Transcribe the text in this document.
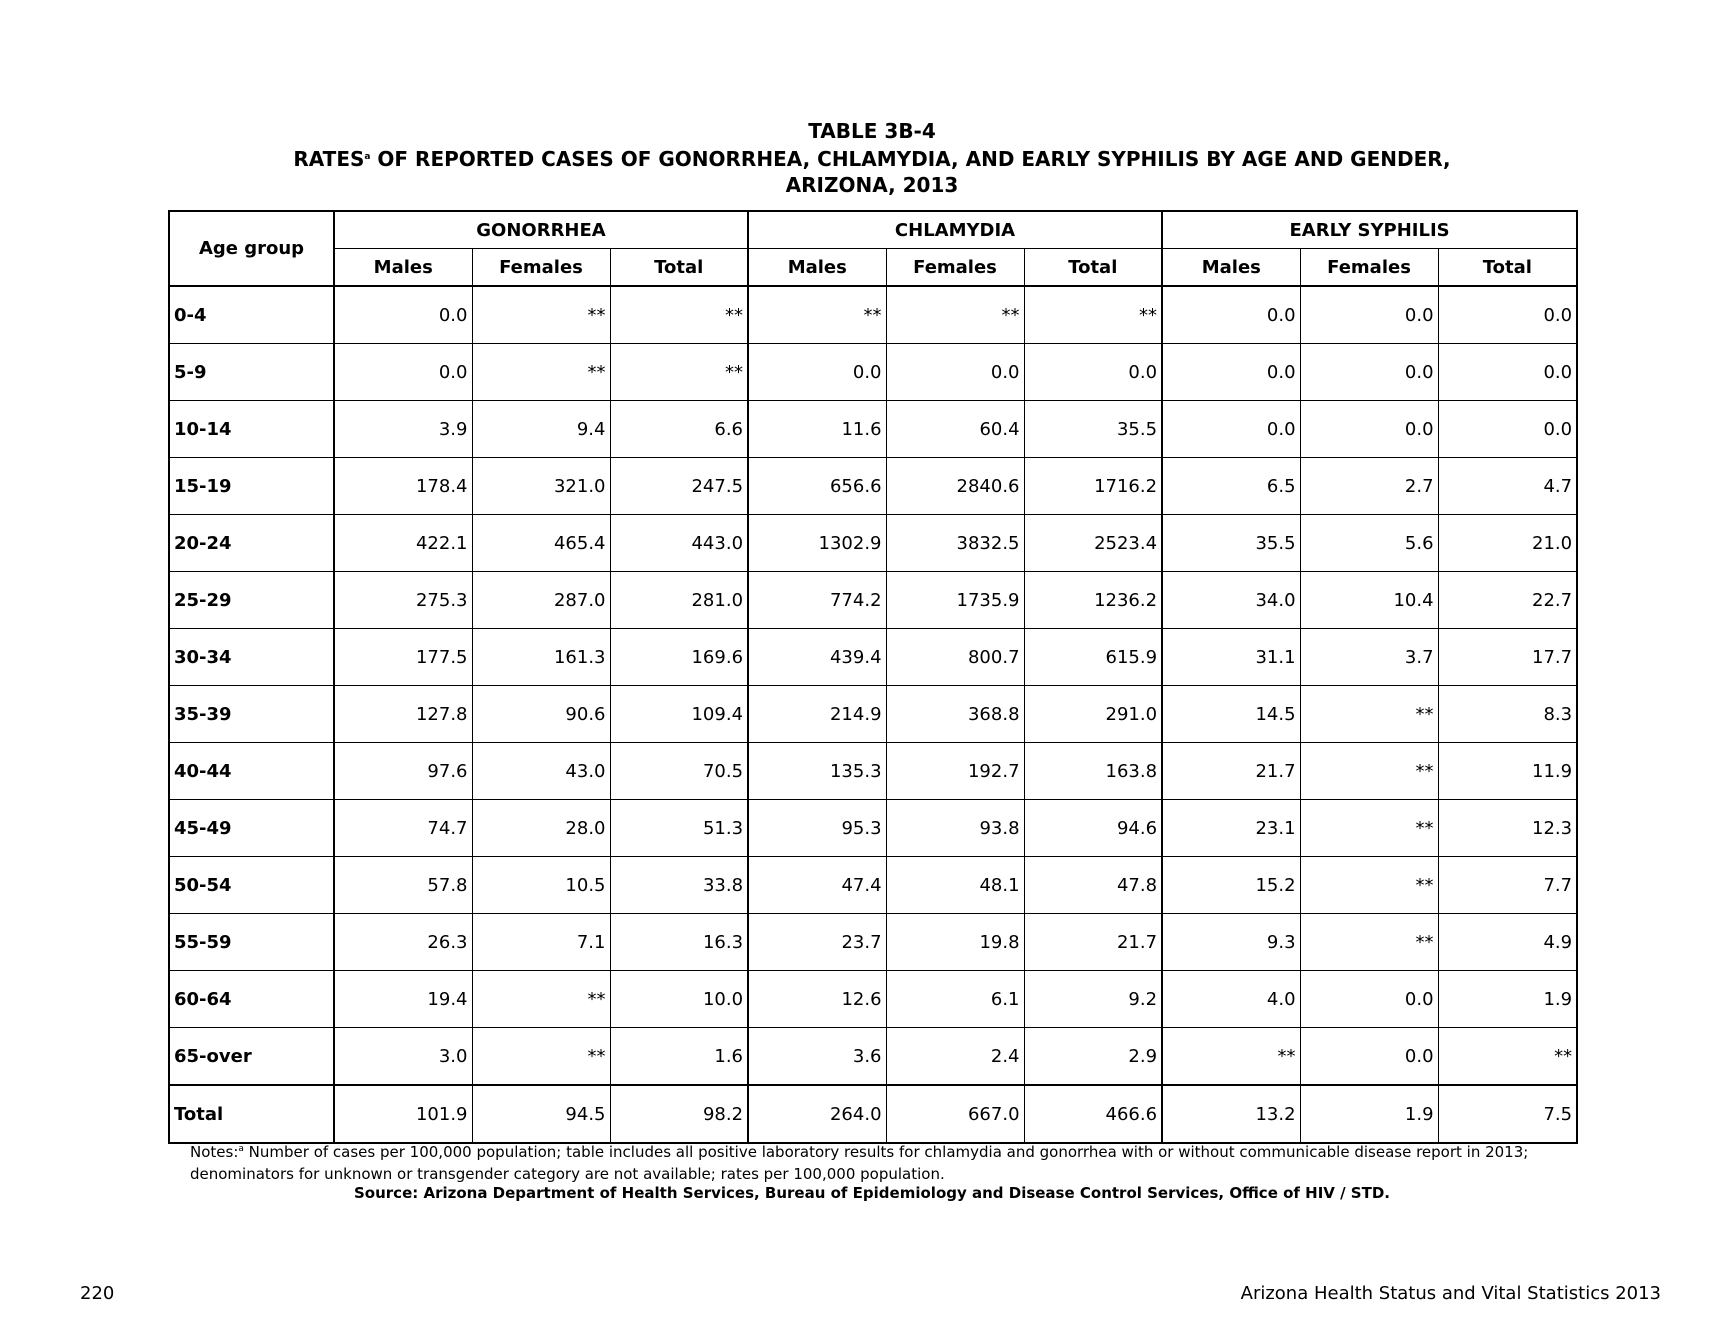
TABLE 3B-4
RATES$^a$ OF REPORTED CASES OF GONORRHEA, CHLAMYDIA, AND EARLY SYPHILIS BY AGE AND GENDER,
ARIZONA, 2013
Age group	GONORRHEA			CHLAMYDIA			EARLY SYPHILIS		
	Males	Females	Total	Males	Females	Total	Males	Females	Total
0-4	0.0	**	**	**	**	**	0.0	0.0	0.0
5-9	0.0	**	**	0.0	0.0	0.0	0.0	0.0	0.0
10-14	3.9	9.4	6.6	11.6	60.4	35.5	0.0	0.0	0.0
15-19	178.4	321.0	247.5	656.6	2840.6	1716.2	6.5	2.7	4.7
20-24	422.1	465.4	443.0	1302.9	3832.5	2523.4	35.5	5.6	21.0
25-29	275.3	287.0	281.0	774.2	1735.9	1236.2	34.0	10.4	22.7
30-34	177.5	161.3	169.6	439.4	800.7	615.9	31.1	3.7	17.7
35-39	127.8	90.6	109.4	214.9	368.8	291.0	14.5	**	8.3
40-44	97.6	43.0	70.5	135.3	192.7	163.8	21.7	**	11.9
45-49	74.7	28.0	51.3	95.3	93.8	94.6	23.1	**	12.3
50-54	57.8	10.5	33.8	47.4	48.1	47.8	15.2	**	7.7
55-59	26.3	7.1	16.3	23.7	19.8	21.7	9.3	**	4.9
60-64	19.4	**	10.0	12.6	6.1	9.2	4.0	0.0	1.9
65-over	3.0	**	1.6	3.6	2.4	2.9	**	0.0	**
Total	101.9	94.5	98.2	264.0	667.0	466.6	13.2	1.9	7.5
Notes:$^a$ Number of cases per 100,000 population; table includes all positive laboratory results for chlamydia and gonorrhea with or without communicable disease report in 2013; denominators for unknown or transgender category are not available; rates per 100,000 population.
Source: Arizona Department of Health Services, Bureau of Epidemiology and Disease Control Services, Office of HIV / STD.
220	Arizona Health Status and Vital Statistics 2013
